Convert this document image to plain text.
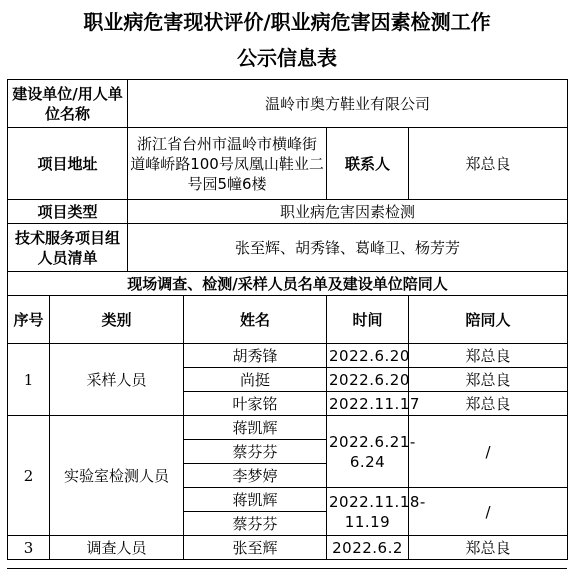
职业病危害现状评价/职业病危害因素检测工作
公示信息表
建设单位/用人单位名称		温岭市奥方鞋业有限公司			
项目地址		浙江省台州市温岭市横峰街道峰峤路100号凤凰山鞋业二号园5幢6楼		联系人	郑总良
项目类型		职业病危害因素检测			
技术服务项目组人员清单		张至辉、胡秀锋、葛峰卫、杨芳芳			
现场调查、检测/采样人员名单及建设单位陪同人					
序号	类别		姓名	时间	陪同人
1	采样人员		胡秀锋	2022.6.20	郑总良
			尚挺	2022.6.20	郑总良
			叶家铭	2022.11.17	郑总良
2	实验室检测人员		蒋凯辉	2022.6.21-6.24	/
			蔡芬芬		
			李梦婷		
			蒋凯辉	2022.11.18-11.19	/
			蔡芬芬		
3	调查人员		张至辉	2022.6.2	郑总良
